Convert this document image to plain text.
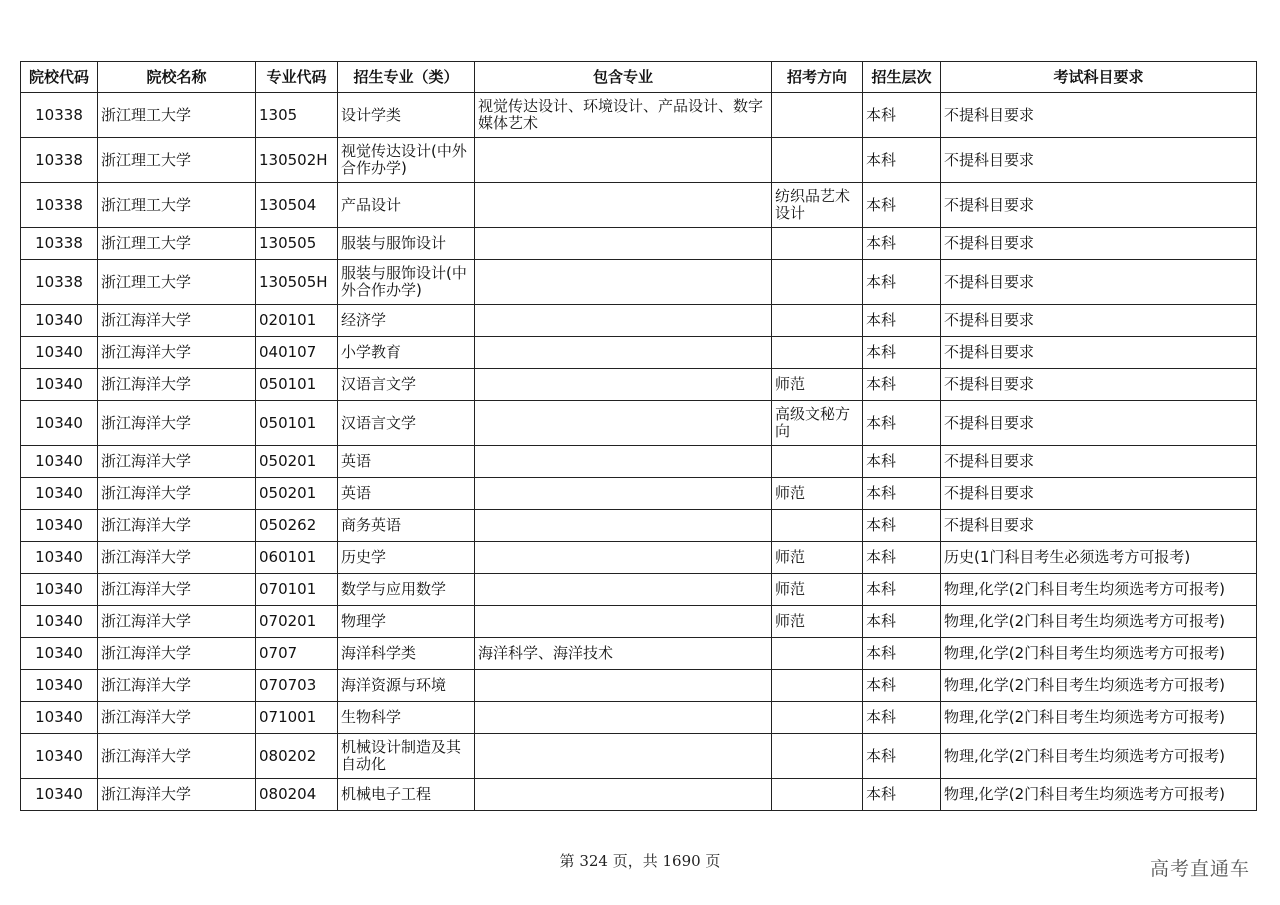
院校代码	院校名称	专业代码	招生专业（类）	包含专业	招考方向	招生层次	考试科目要求
10338	浙江理工大学	1305	设计学类	视觉传达设计、环境设计、产品设计、数字媒体艺术		本科	不提科目要求
10338	浙江理工大学	130502H	视觉传达设计(中外合作办学)			本科	不提科目要求
10338	浙江理工大学	130504	产品设计		纺织品艺术设计	本科	不提科目要求
10338	浙江理工大学	130505	服装与服饰设计			本科	不提科目要求
10338	浙江理工大学	130505H	服装与服饰设计(中外合作办学)			本科	不提科目要求
10340	浙江海洋大学	020101	经济学			本科	不提科目要求
10340	浙江海洋大学	040107	小学教育			本科	不提科目要求
10340	浙江海洋大学	050101	汉语言文学		师范	本科	不提科目要求
10340	浙江海洋大学	050101	汉语言文学		高级文秘方向	本科	不提科目要求
10340	浙江海洋大学	050201	英语			本科	不提科目要求
10340	浙江海洋大学	050201	英语		师范	本科	不提科目要求
10340	浙江海洋大学	050262	商务英语			本科	不提科目要求
10340	浙江海洋大学	060101	历史学		师范	本科	历史(1门科目考生必须选考方可报考)
10340	浙江海洋大学	070101	数学与应用数学		师范	本科	物理,化学(2门科目考生均须选考方可报考)
10340	浙江海洋大学	070201	物理学		师范	本科	物理,化学(2门科目考生均须选考方可报考)
10340	浙江海洋大学	0707	海洋科学类	海洋科学、海洋技术		本科	物理,化学(2门科目考生均须选考方可报考)
10340	浙江海洋大学	070703	海洋资源与环境			本科	物理,化学(2门科目考生均须选考方可报考)
10340	浙江海洋大学	071001	生物科学			本科	物理,化学(2门科目考生均须选考方可报考)
10340	浙江海洋大学	080202	机械设计制造及其自动化			本科	物理,化学(2门科目考生均须选考方可报考)
10340	浙江海洋大学	080204	机械电子工程			本科	物理,化学(2门科目考生均须选考方可报考)
第 324 页，共 1690 页	高考直通车
